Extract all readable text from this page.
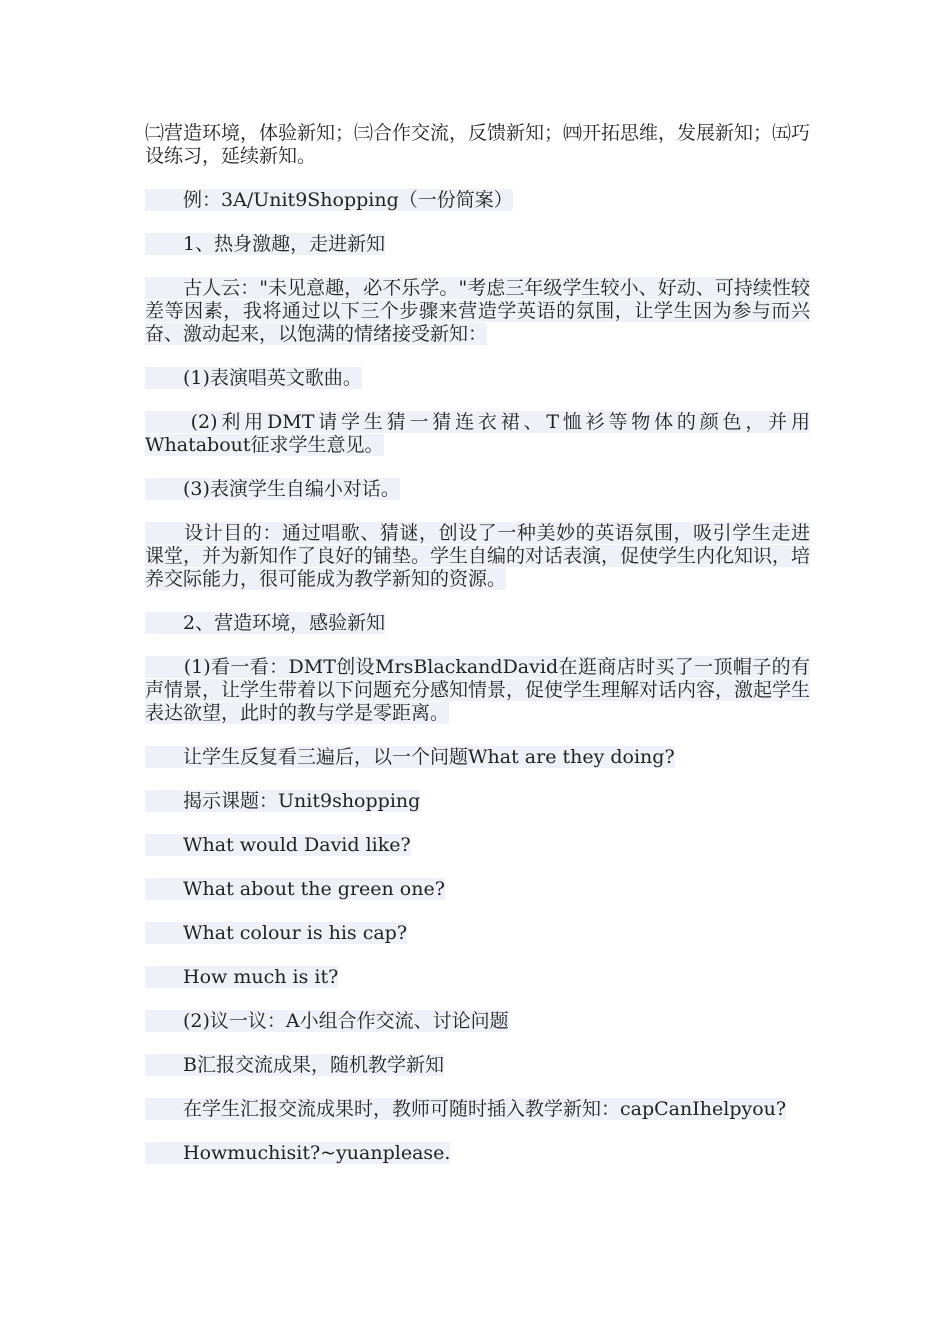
㈡营造环境，体验新知；㈢合作交流，反馈新知；㈣开拓思维，发展新知；㈤巧设练习，延续新知。

例：3A/Unit9Shopping（一份简案）

1、热身激趣，走进新知

古人云："未见意趣，必不乐学。"考虑三年级学生较小、好动、可持续性较差等因素，我将通过以下三个步骤来营造学英语的氛围，让学生因为参与而兴奋、激动起来，以饱满的情绪接受新知：

(1)表演唱英文歌曲。

(2)利用DMT请学生猜一猜连衣裙、T恤衫等物体的颜色，并用Whatabout征求学生意见。

(3)表演学生自编小对话。

设计目的：通过唱歌、猜谜，创设了一种美妙的英语氛围，吸引学生走进课堂，并为新知作了良好的铺垫。学生自编的对话表演，促使学生内化知识，培养交际能力，很可能成为教学新知的资源。

2、营造环境，感验新知

(1)看一看：DMT创设MrsBlackandDavid在逛商店时买了一顶帽子的有声情景，让学生带着以下问题充分感知情景，促使学生理解对话内容，激起学生表达欲望，此时的教与学是零距离。

让学生反复看三遍后，以一个问题What are they doing?

揭示课题：Unit9shopping

What would David like?

What about the green one?

What colour is his cap?

How much is it?

(2)议一议：A小组合作交流、讨论问题

B汇报交流成果，随机教学新知

在学生汇报交流成果时，教师可随时插入教学新知：capCanIhelpyou?

Howmuchisit?~yuanplease.
